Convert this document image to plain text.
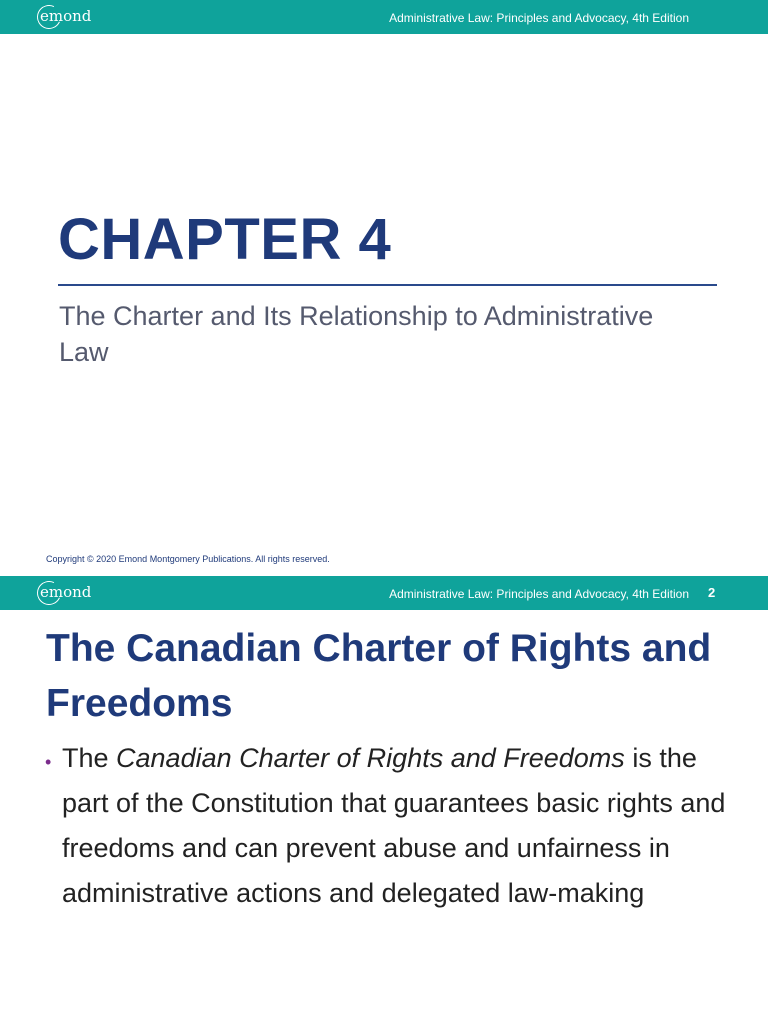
emond	Administrative Law: Principles and Advocacy, 4th Edition
CHAPTER 4
The Charter and Its Relationship to Administrative Law
Copyright © 2020 Emond Montgomery Publications. All rights reserved.
emond	Administrative Law: Principles and Advocacy, 4th Edition 2
The Canadian Charter of Rights and Freedoms
• The Canadian Charter of Rights and Freedoms is the part of the Constitution that guarantees basic rights and freedoms and can prevent abuse and unfairness in administrative actions and delegated law-making
